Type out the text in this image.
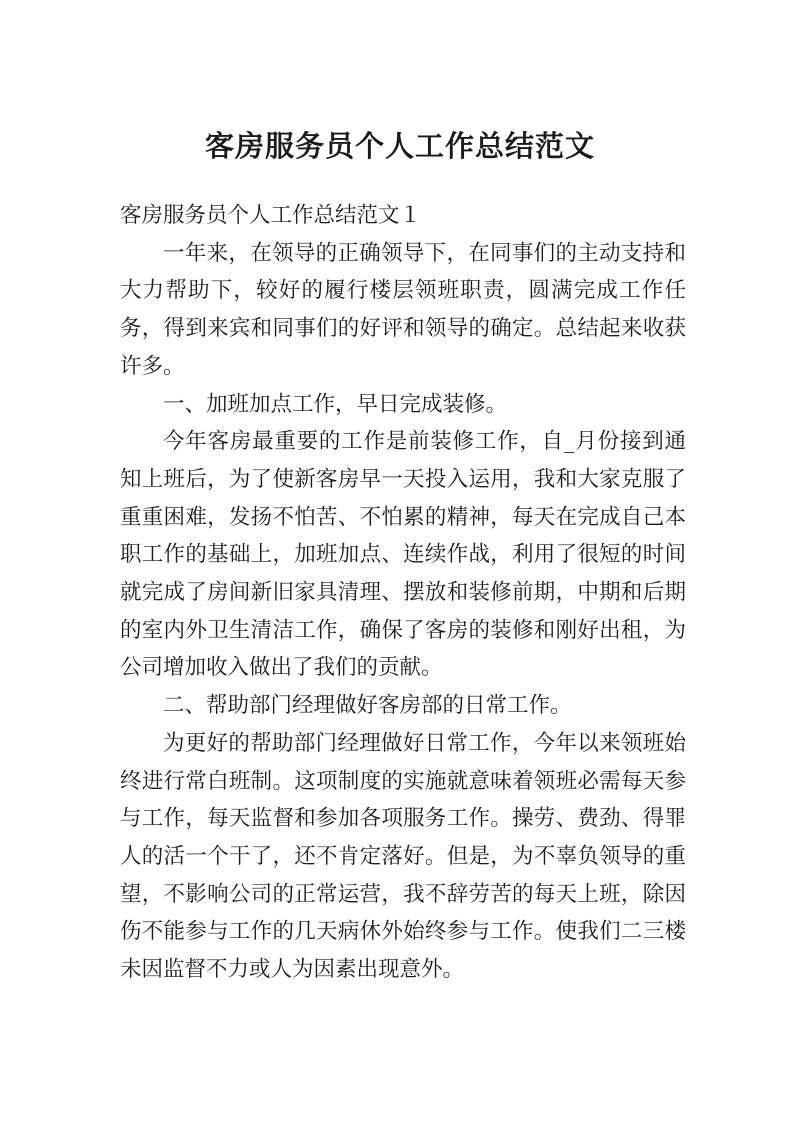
客房服务员个人工作总结范文

客房服务员个人工作总结范文１

一年来，在领导的正确领导下，在同事们的主动支持和大力帮助下，较好的履行楼层领班职责，圆满完成工作任务，得到来宾和同事们的好评和领导的确定。总结起来收获许多。

一、加班加点工作，早日完成装修。

今年客房最重要的工作是前装修工作，自_月份接到通知上班后，为了使新客房早一天投入运用，我和大家克服了重重困难，发扬不怕苦、不怕累的精神，每天在完成自己本职工作的基础上，加班加点、连续作战，利用了很短的时间就完成了房间新旧家具清理、摆放和装修前期，中期和后期的室内外卫生清洁工作，确保了客房的装修和刚好出租，为公司增加收入做出了我们的贡献。

二、帮助部门经理做好客房部的日常工作。

为更好的帮助部门经理做好日常工作，今年以来领班始终进行常白班制。这项制度的实施就意味着领班必需每天参与工作，每天监督和参加各项服务工作。操劳、费劲、得罪人的活一个干了，还不肯定落好。但是，为不辜负领导的重望，不影响公司的正常运营，我不辞劳苦的每天上班，除因伤不能参与工作的几天病休外始终参与工作。使我们二三楼未因监督不力或人为因素出现意外。
